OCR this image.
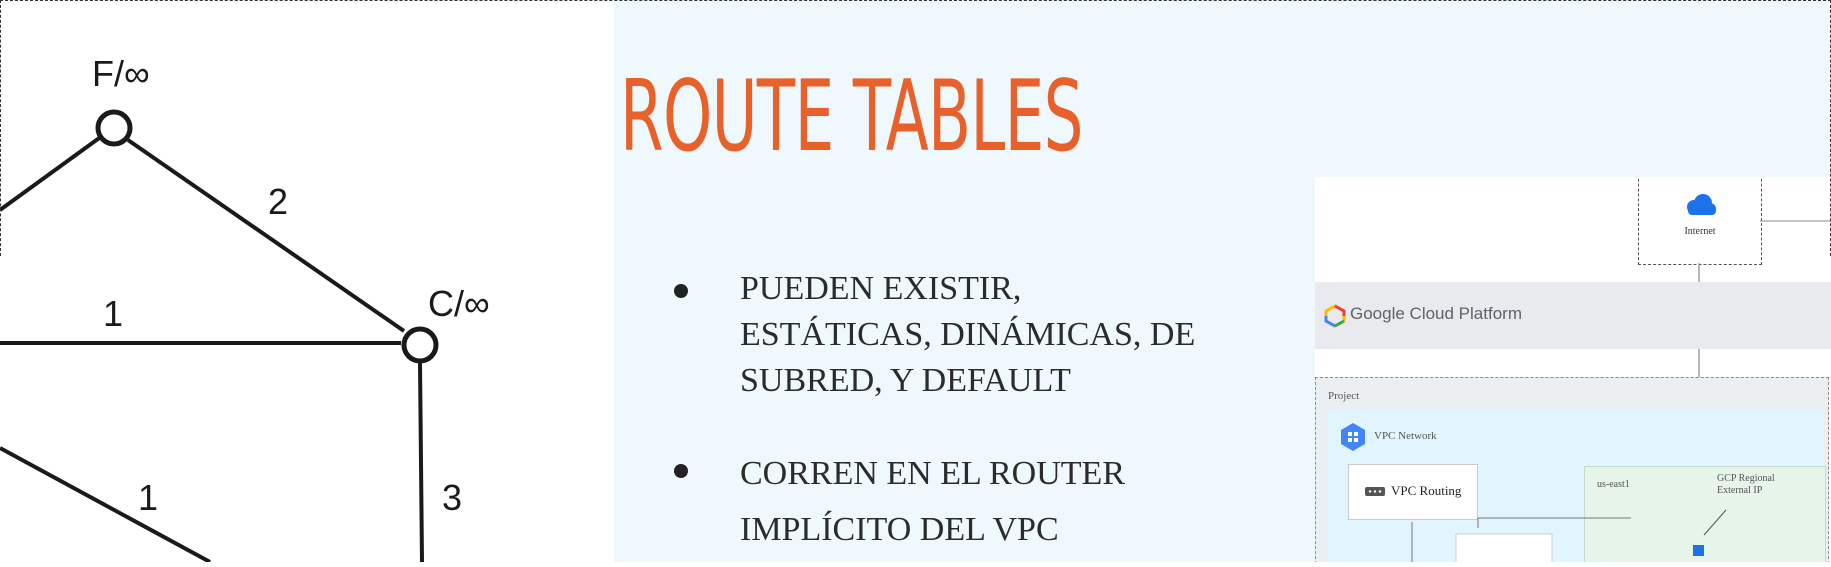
F/∞
C/∞
2
1
1	3
ROUTE TABLES
PUEDEN EXISTIR, ESTÁTICAS, DINÁMICAS, DE SUBRED, Y DEFAULT
CORREN EN EL ROUTER IMPLÍCITO DEL VPC
Internet
Google Cloud Platform
Project
VPC Network
VPC Routing	us-east1
GCP Regional External IP
